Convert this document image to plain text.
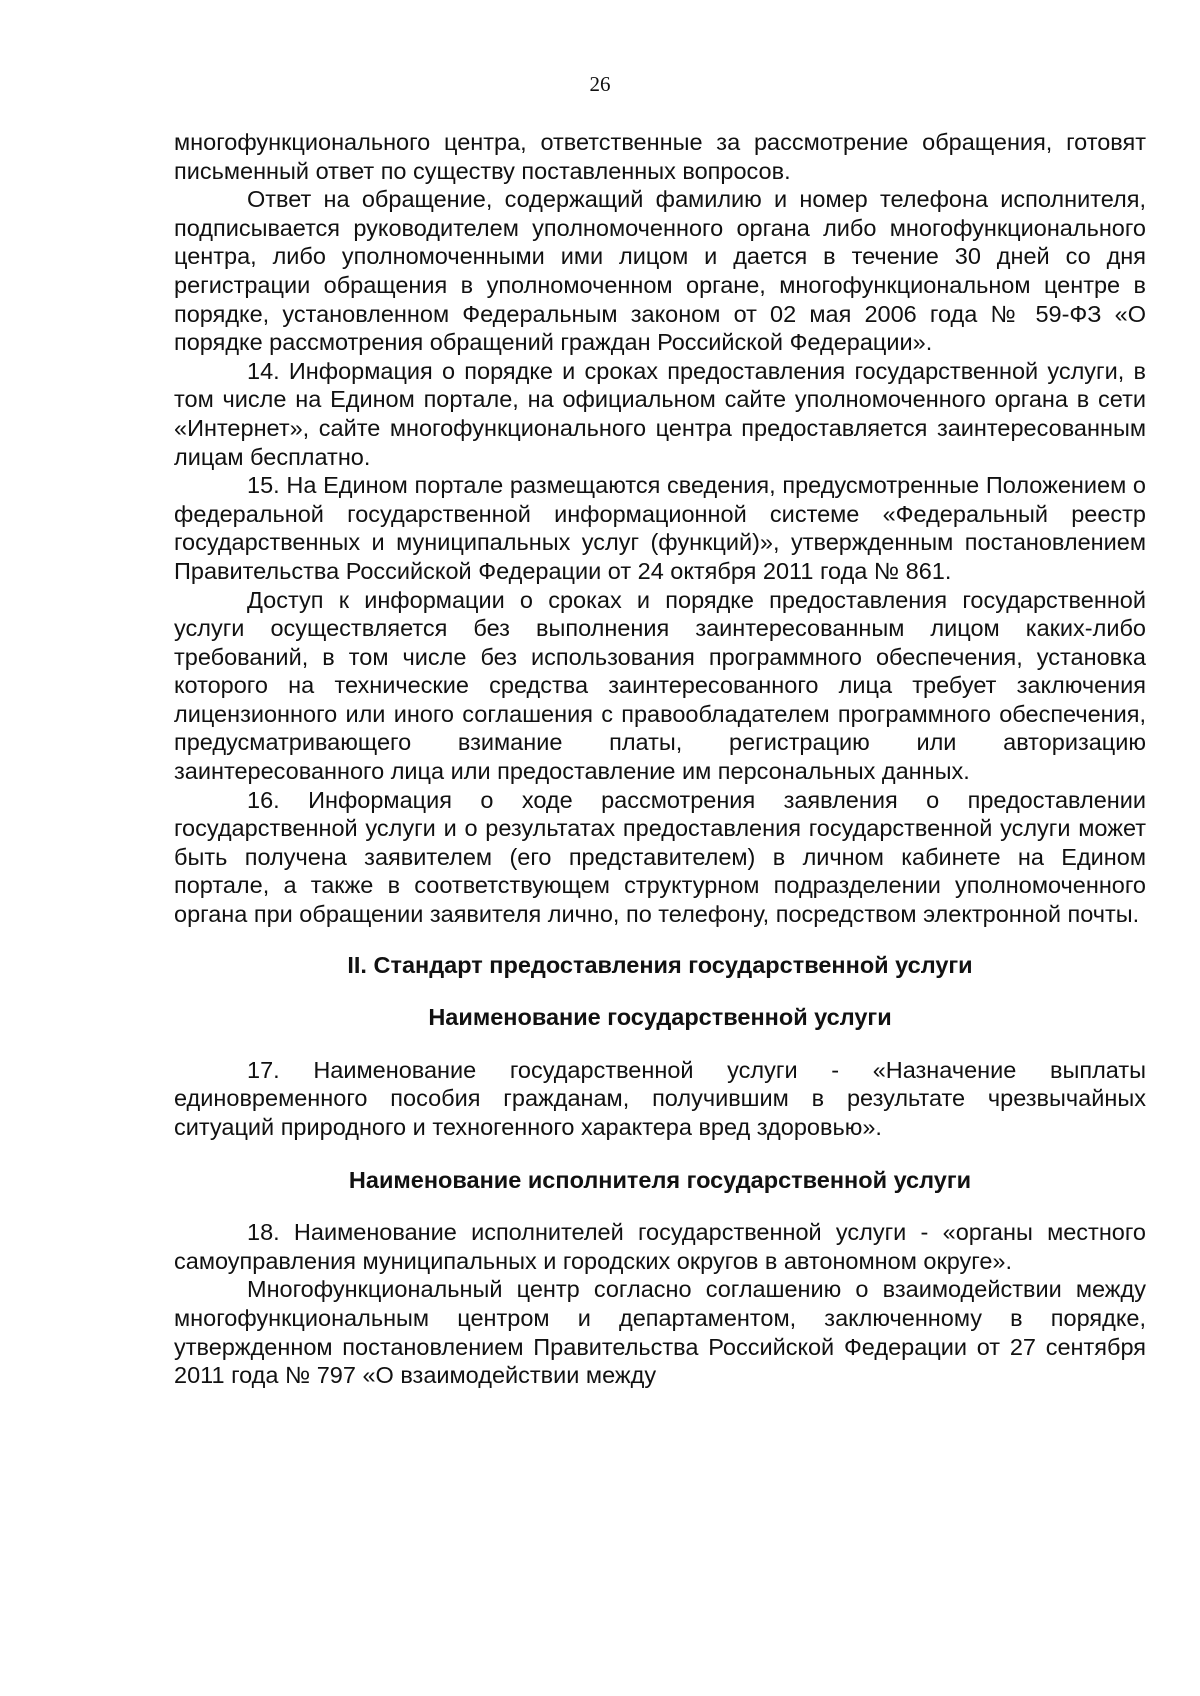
26

многофункционального центра, ответственные за рассмотрение обращения, готовят письменный ответ по существу поставленных вопросов.

Ответ на обращение, содержащий фамилию и номер телефона исполнителя, подписывается руководителем уполномоченного органа либо многофункционального центра, либо уполномоченными ими лицом и дается в течение 30 дней со дня регистрации обращения в уполномоченном органе, многофункциональном центре в порядке, установленном Федеральным законом от 02 мая 2006 года № 59-ФЗ «О порядке рассмотрения обращений граждан Российской Федерации».

14. Информация о порядке и сроках предоставления государственной услуги, в том числе на Едином портале, на официальном сайте уполномоченного органа в сети «Интернет», сайте многофункционального центра предоставляется заинтересованным лицам бесплатно.

15. На Едином портале размещаются сведения, предусмотренные Положением о федеральной государственной информационной системе «Федеральный реестр государственных и муниципальных услуг (функций)», утвержденным постановлением Правительства Российской Федерации от 24 октября 2011 года № 861.

Доступ к информации о сроках и порядке предоставления государственной услуги осуществляется без выполнения заинтересованным лицом каких-либо требований, в том числе без использования программного обеспечения, установка которого на технические средства заинтересованного лица требует заключения лицензионного или иного соглашения с правообладателем программного обеспечения, предусматривающего взимание платы, регистрацию или авторизацию заинтересованного лица или предоставление им персональных данных.

16. Информация о ходе рассмотрения заявления о предоставлении государственной услуги и о результатах предоставления государственной услуги может быть получена заявителем (его представителем) в личном кабинете на Едином портале, а также в соответствующем структурном подразделении уполномоченного органа при обращении заявителя лично, по телефону, посредством электронной почты.

II. Стандарт предоставления государственной услуги

Наименование государственной услуги

17. Наименование государственной услуги - «Назначение выплаты единовременного пособия гражданам, получившим в результате чрезвычайных ситуаций природного и техногенного характера вред здоровью».

Наименование исполнителя государственной услуги

18. Наименование исполнителей государственной услуги - «органы местного самоуправления муниципальных и городских округов в автономном округе».

Многофункциональный центр согласно соглашению о взаимодействии между многофункциональным центром и департаментом, заключенному в порядке, утвержденном постановлением Правительства Российской Федерации от 27 сентября 2011 года № 797 «О взаимодействии между
